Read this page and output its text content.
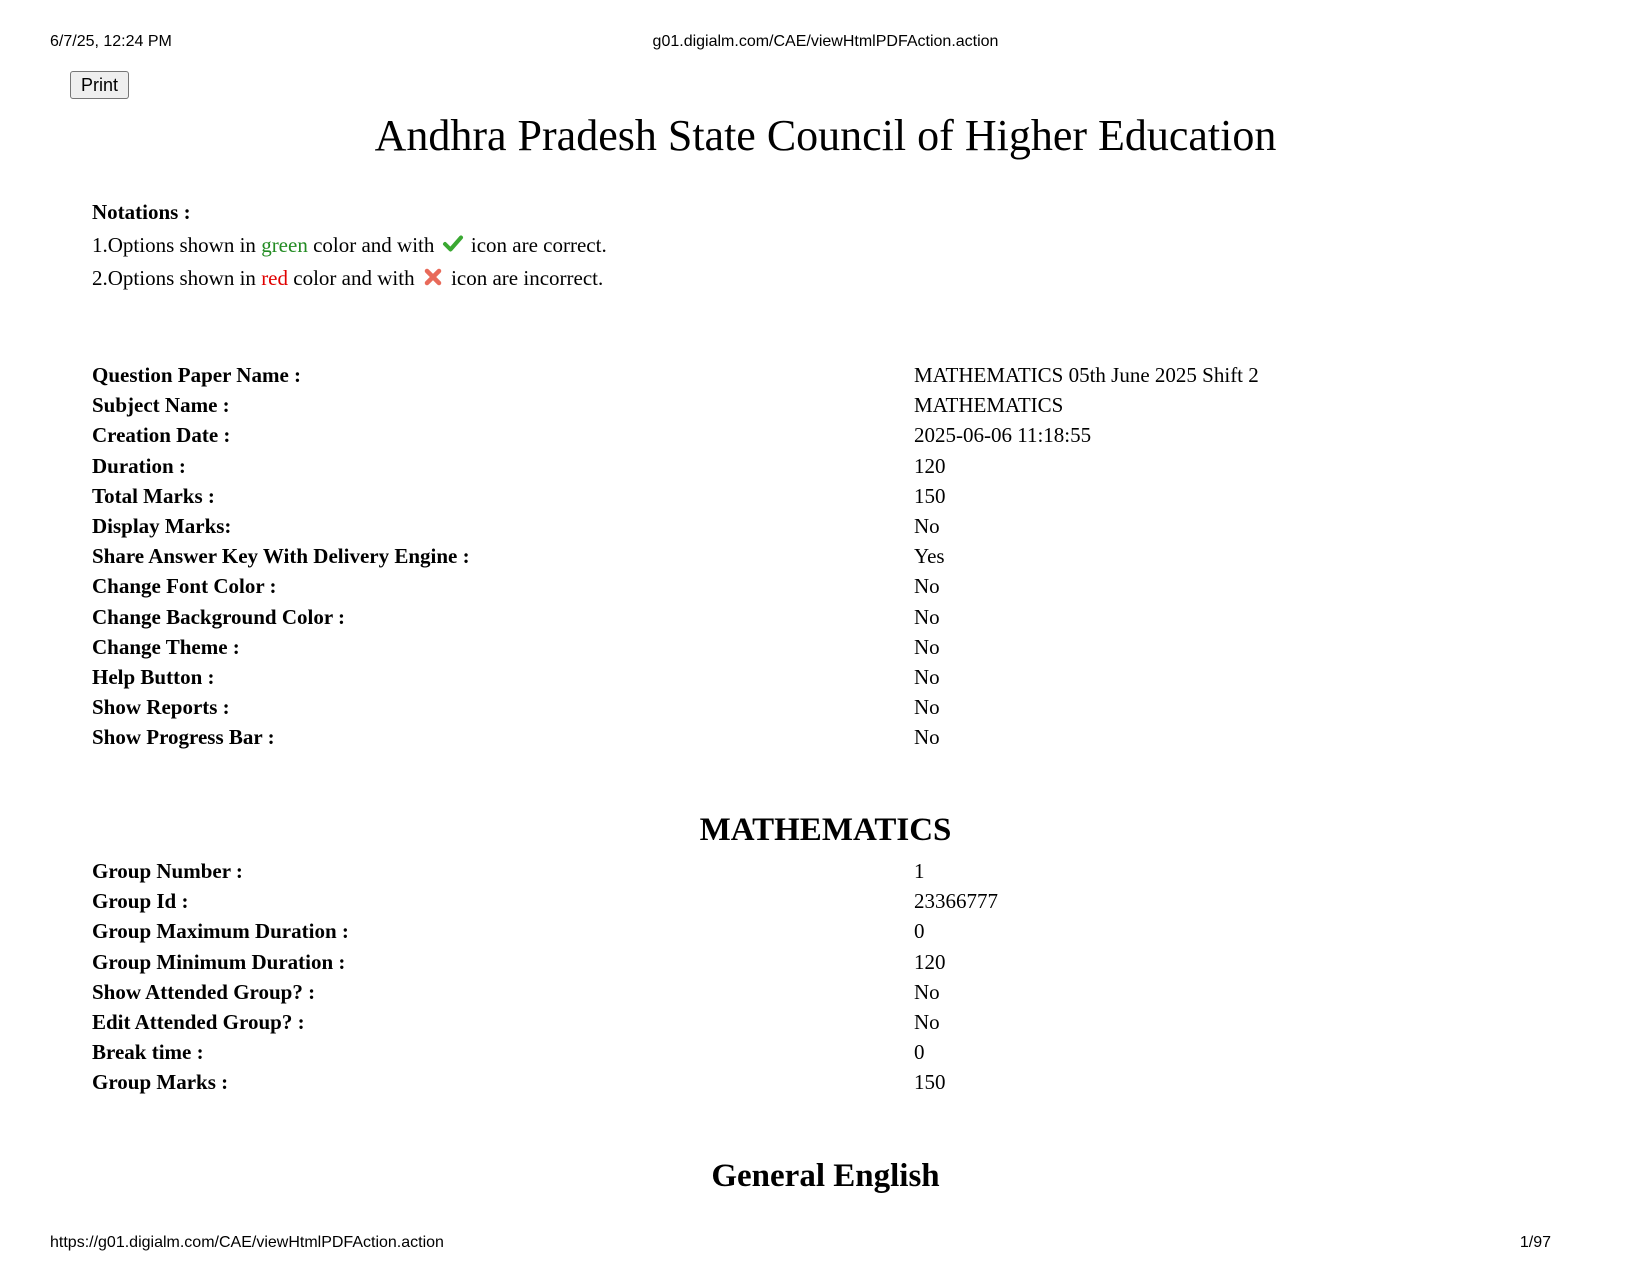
6/7/25, 12:24 PM	g01.digialm.com/CAE/viewHtmlPDFAction.action
Print
Andhra Pradesh State Council of Higher Education
Notations :
1.Options shown in green color and with  icon are correct.
2.Options shown in red color and with  icon are incorrect.
Question Paper Name :	MATHEMATICS 05th June 2025 Shift 2
Subject Name :	MATHEMATICS
Creation Date :	2025-06-06 11:18:55
Duration :	120
Total Marks :	150
Display Marks:	No
Share Answer Key With Delivery Engine :	Yes
Change Font Color :	No
Change Background Color :	No
Change Theme :	No
Help Button :	No
Show Reports :	No
Show Progress Bar :	No
MATHEMATICS
Group Number :	1
Group Id :	23366777
Group Maximum Duration :	0
Group Minimum Duration :	120
Show Attended Group? :	No
Edit Attended Group? :	No
Break time :	0
Group Marks :	150
General English
https://g01.digialm.com/CAE/viewHtmlPDFAction.action	1/97
